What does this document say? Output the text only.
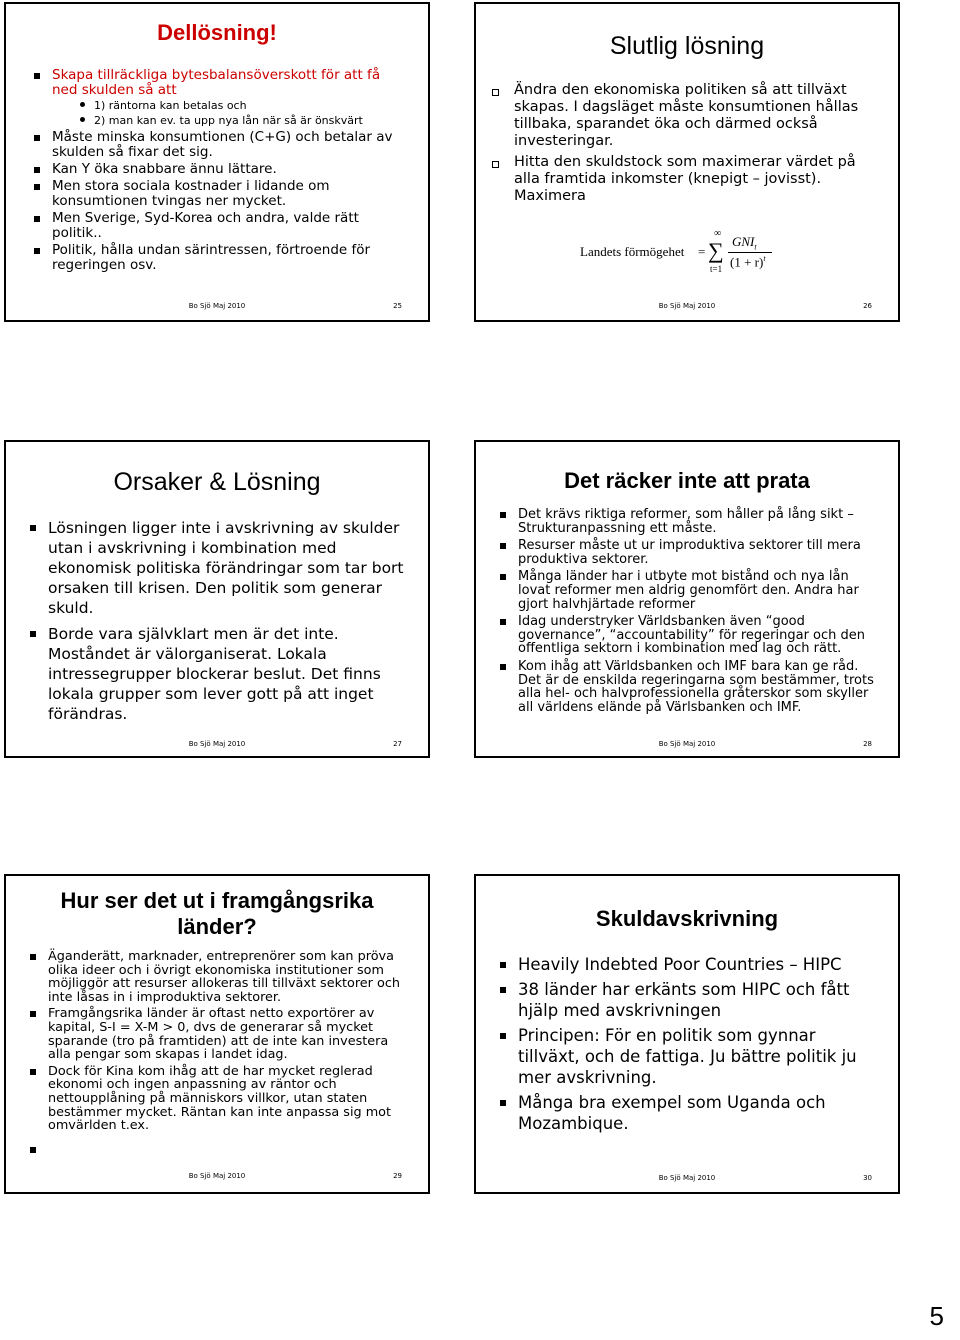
Dellösning!
Skapa tillräckliga bytesbalansöverskott för att få ned skulden så att
1) räntorna kan betalas och
2) man kan ev. ta upp nya lån när så är önskvärt
Måste minska konsumtionen (C+G) och betalar av skulden så fixar det sig.
Kan Y öka snabbare ännu lättare.
Men stora sociala kostnader i lidande om konsumtionen tvingas ner mycket.
Men Sverige, Syd-Korea och andra, valde rätt politik..
Politik, hålla undan särintressen, förtroende för regeringen osv.
Bo Sjö Maj 2010	25
Slutlig lösning
Ändra den ekonomiska politiken så att tillväxt skapas. I dagsläget måste konsumtionen hållas tillbaka, sparandet öka och därmed också investeringar.
Hitta den skuldstock som maximerar värdet på alla framtida inkomster (knepigt – jovisst). Maximera
Landets förmögehet =
∞
∑
t=1
$GNI_t$
$(1 + r)^t$
Bo Sjö Maj 2010	26
Orsaker & Lösning
Lösningen ligger inte i avskrivning av skulder utan i avskrivning i kombination med ekonomisk politiska förändringar som tar bort orsaken till krisen. Den politik som generar skuld.
Borde vara självklart men är det inte. Moståndet är välorganiserat. Lokala intressegrupper blockerar beslut. Det finns lokala grupper som lever gott på att inget förändras.
Bo Sjö Maj 2010	27
Det räcker inte att prata
Det krävs riktiga reformer, som håller på lång sikt – Strukturanpassning ett måste.
Resurser måste ut ur improduktiva sektorer till mera produktiva sektorer.
Många länder har i utbyte mot bistånd och nya lån lovat reformer men aldrig genomfört den. Andra har gjort halvhjärtade reformer
Idag understryker Världsbanken även “good governance”, “accountability” för regeringar och den offentliga sektorn i kombination med lag och rätt.
Kom ihåg att Världsbanken och IMF bara kan ge råd. Det är de enskilda regeringarna som bestämmer, trots alla hel- och halvprofessionella gråterskor som skyller all världens elände på Värlsbanken och IMF.
Bo Sjö Maj 2010	28
Hur ser det ut i framgångsrika länder?
Äganderätt, marknader, entreprenörer som kan pröva olika ideer och i övrigt ekonomiska institutioner som möjliggör att resurser allokeras till tillväxt sektorer och inte låsas in i improduktiva sektorer.
Framgångsrika länder är oftast netto exportörer av kapital, S-I = X-M > 0, dvs de generarar så mycket sparande (tro på framtiden) att de inte kan investera alla pengar som skapas i landet idag.
Dock för Kina kom ihåg att de har mycket reglerad ekonomi och ingen anpassning av räntor och nettoupplåning på människors villkor, utan staten bestämmer mycket. Räntan kan inte anpassa sig mot omvärlden t.ex.
Bo Sjö Maj 2010	29
Skuldavskrivning
Heavily Indebted Poor Countries – HIPC
38 länder har erkänts som HIPC och fått hjälp med avskrivningen
Principen: För en politik som gynnar tillväxt, och de fattiga. Ju bättre politik ju mer avskrivning.
Många bra exempel som Uganda och Mozambique.
Bo Sjö Maj 2010	30
5
